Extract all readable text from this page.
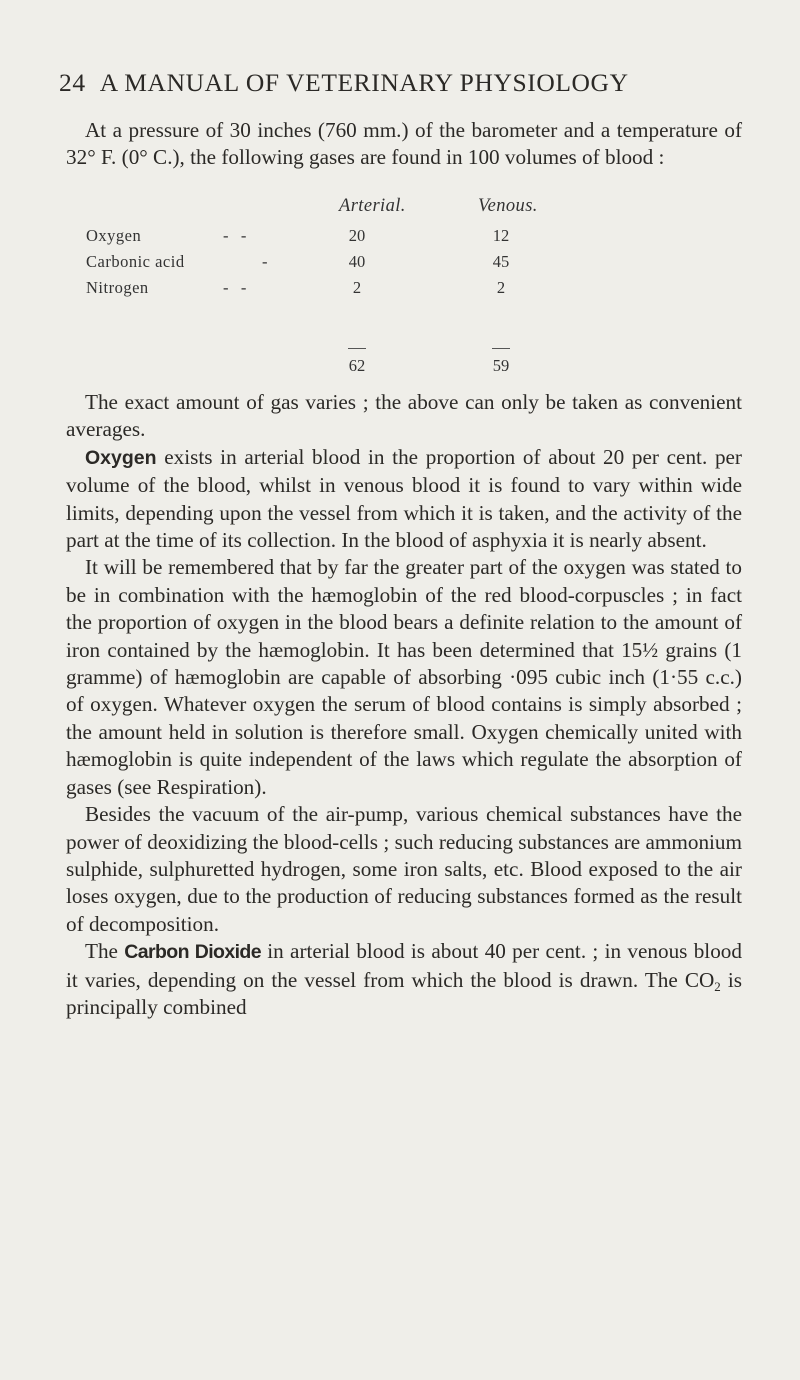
24 A MANUAL OF VETERINARY PHYSIOLOGY

At a pressure of 30 inches (760 mm.) of the barometer and a temperature of 32° F. (0° C.), the following gases are found in 100 volumes of blood :

Arterial.	Venous.
Oxygen	-   -	20	12
Carbonic acid	-	40	45
Nitrogen	-   -	2	2
62	59

The exact amount of gas varies ; the above can only be taken as convenient averages.

Oxygen exists in arterial blood in the proportion of about 20 per cent. per volume of the blood, whilst in venous blood it is found to vary within wide limits, depending upon the vessel from which it is taken, and the activity of the part at the time of its collection. In the blood of asphyxia it is nearly absent.

It will be remembered that by far the greater part of the oxygen was stated to be in combination with the hæmoglobin of the red blood-corpuscles ; in fact the proportion of oxygen in the blood bears a definite relation to the amount of iron contained by the hæmoglobin. It has been determined that 15½ grains (1 gramme) of hæmoglobin are capable of absorbing ·095 cubic inch (1·55 c.c.) of oxygen. Whatever oxygen the serum of blood contains is simply absorbed ; the amount held in solution is therefore small. Oxygen chemically united with hæmoglobin is quite independent of the laws which regulate the absorption of gases (see Respiration).

Besides the vacuum of the air-pump, various chemical substances have the power of deoxidizing the blood-cells ; such reducing substances are ammonium sulphide, sulphuretted hydrogen, some iron salts, etc. Blood exposed to the air loses oxygen, due to the production of reducing substances formed as the result of decomposition.

The Carbon Dioxide in arterial blood is about 40 per cent. ; in venous blood it varies, depending on the vessel from which the blood is drawn. The $CO_2$ is principally combined
